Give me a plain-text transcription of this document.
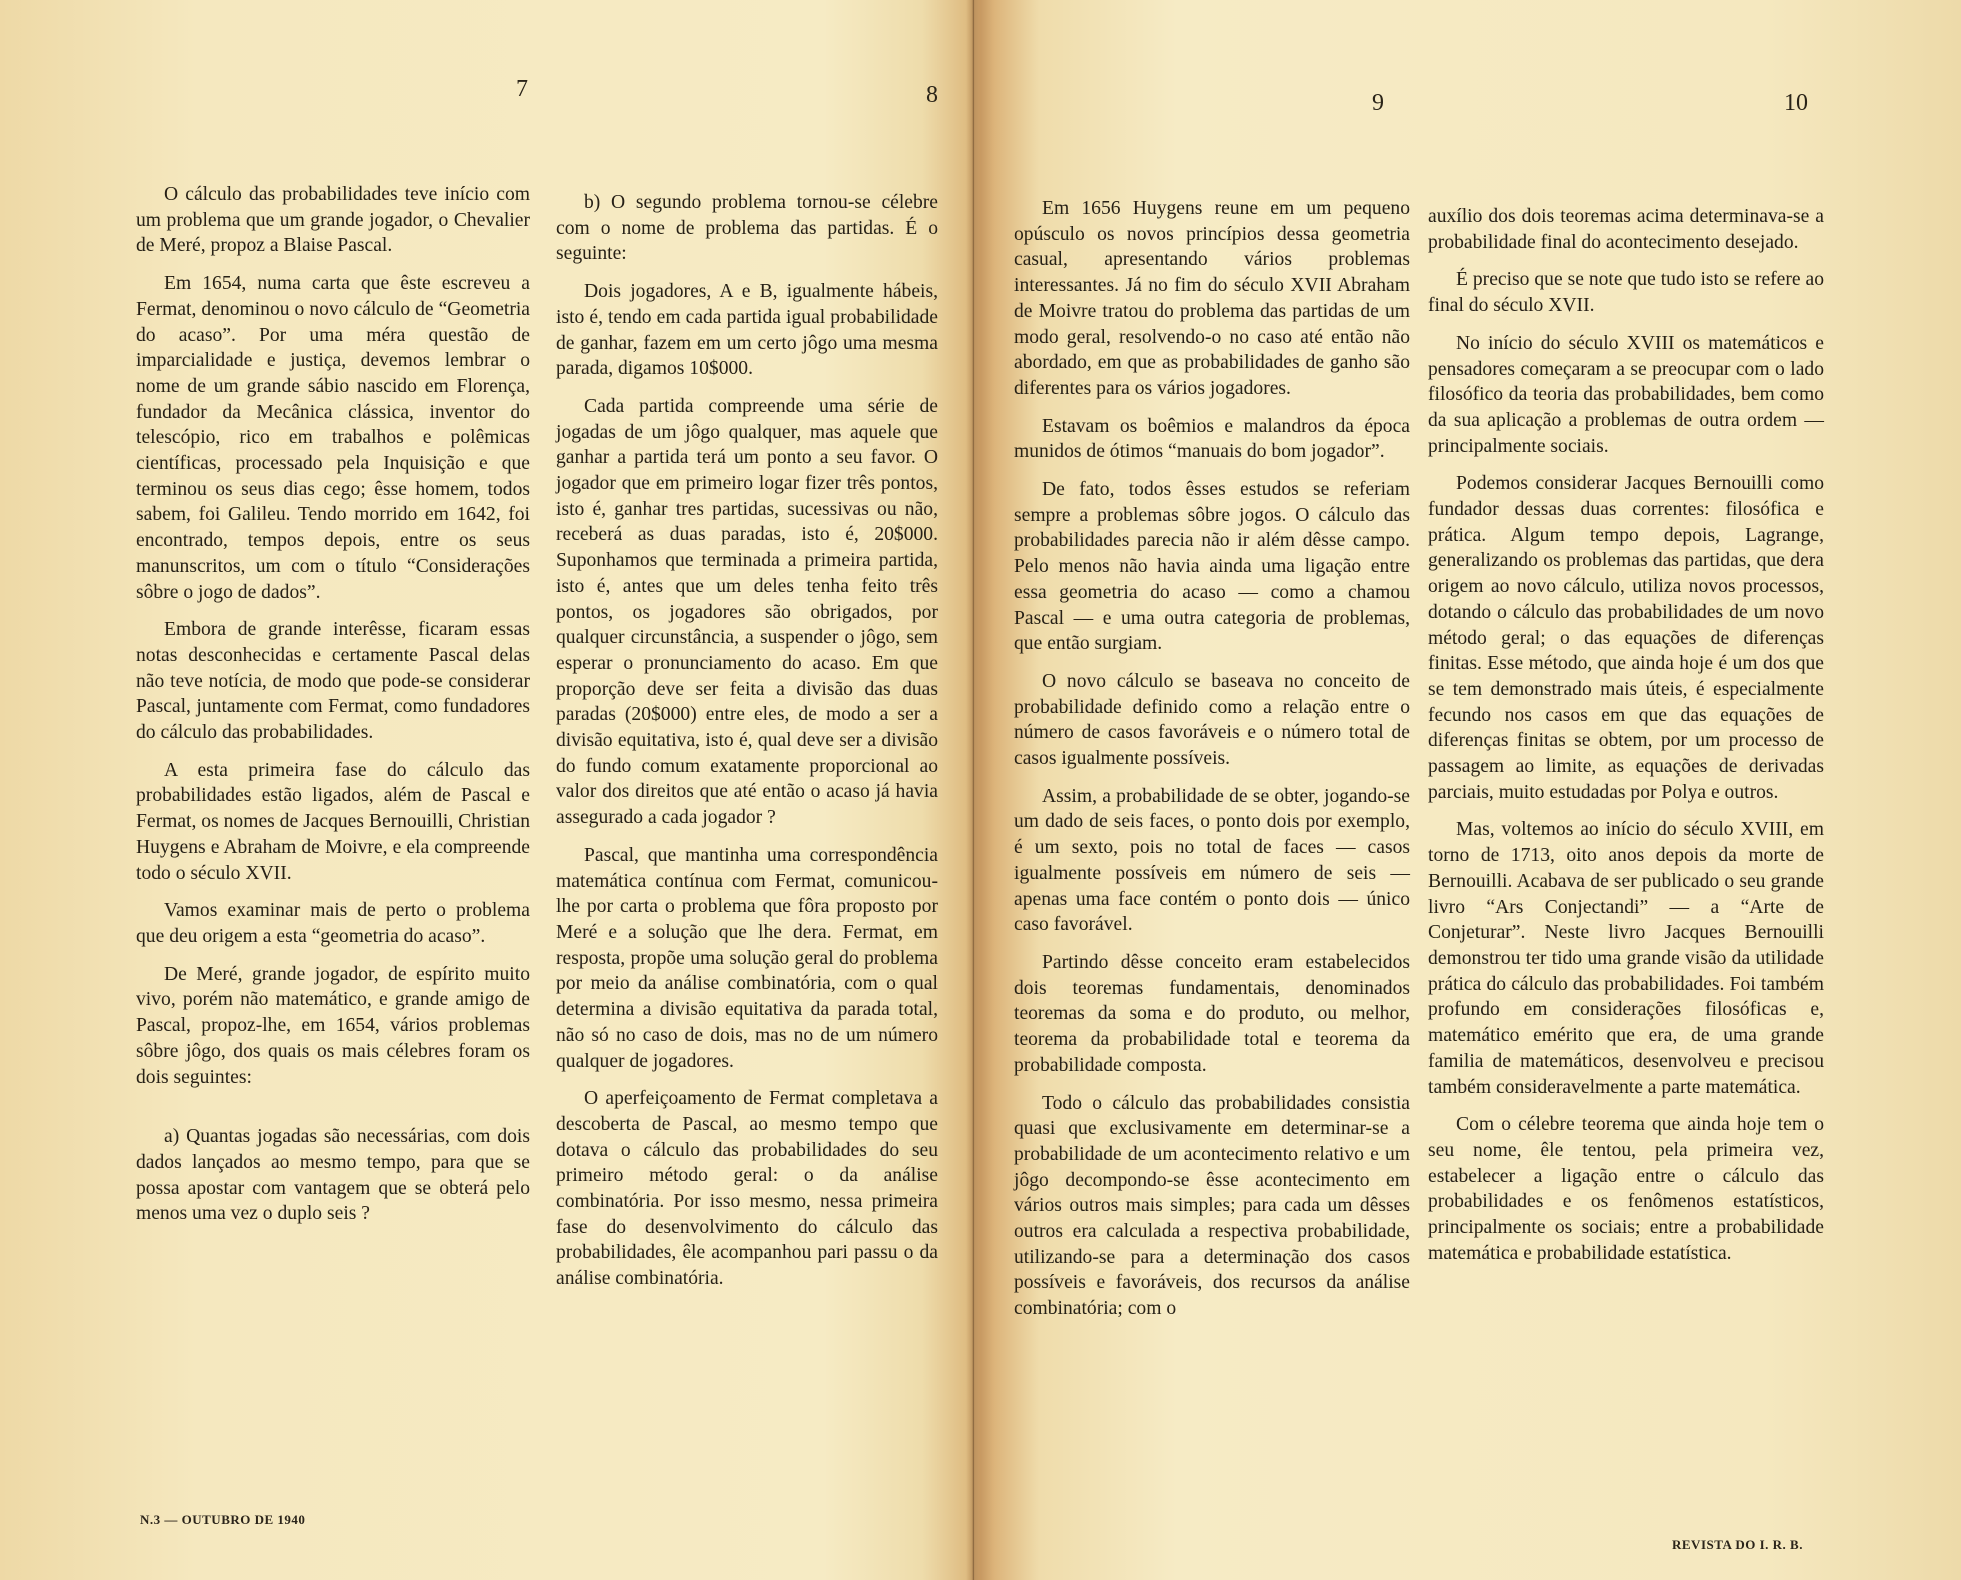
7	8	9	10

O cálculo das probabilidades teve início com um problema que um grande jogador, o Chevalier de Meré, propoz a Blaise Pascal.

Em 1654, numa carta que êste escreveu a Fermat, denominou o novo cálculo de “Geometria do acaso”. Por uma méra questão de imparcialidade e justiça, devemos lembrar o nome de um grande sábio nascido em Florença, fundador da Mecânica clássica, inventor do telescópio, rico em trabalhos e polêmicas científicas, processado pela Inquisição e que terminou os seus dias cego; êsse homem, todos sabem, foi Galileu. Tendo morrido em 1642, foi encontrado, tempos depois, entre os seus manunscritos, um com o título “Considerações sôbre o jogo de dados”.

Embora de grande interêsse, ficaram essas notas desconhecidas e certamente Pascal delas não teve notícia, de modo que pode-se considerar Pascal, juntamente com Fermat, como fundadores do cálculo das probabilidades.

A esta primeira fase do cálculo das probabilidades estão ligados, além de Pascal e Fermat, os nomes de Jacques Bernouilli, Christian Huygens e Abraham de Moivre, e ela compreende todo o século XVII.

Vamos examinar mais de perto o problema que deu origem a esta “geometria do acaso”.

De Meré, grande jogador, de espírito muito vivo, porém não matemático, e grande amigo de Pascal, propoz-lhe, em 1654, vários problemas sôbre jôgo, dos quais os mais célebres foram os dois seguintes:

a) Quantas jogadas são necessárias, com dois dados lançados ao mesmo tempo, para que se possa apostar com vantagem que se obterá pelo menos uma vez o duplo seis ?

b) O segundo problema tornou-se célebre com o nome de problema das partidas. É o seguinte:

Dois jogadores, A e B, igualmente hábeis, isto é, tendo em cada partida igual probabilidade de ganhar, fazem em um certo jôgo uma mesma parada, digamos 10$000.

Cada partida compreende uma série de jogadas de um jôgo qualquer, mas aquele que ganhar a partida terá um ponto a seu favor. O jogador que em primeiro logar fizer três pontos, isto é, ganhar tres partidas, sucessivas ou não, receberá as duas paradas, isto é, 20$000. Suponhamos que terminada a primeira partida, isto é, antes que um deles tenha feito três pontos, os jogadores são obrigados, por qualquer circunstância, a suspender o jôgo, sem esperar o pronunciamento do acaso. Em que proporção deve ser feita a divisão das duas paradas (20$000) entre eles, de modo a ser a divisão equitativa, isto é, qual deve ser a divisão do fundo comum exatamente proporcional ao valor dos direitos que até então o acaso já havia assegurado a cada jogador ?

Pascal, que mantinha uma correspondência matemática contínua com Fermat, comunicou-lhe por carta o problema que fôra proposto por Meré e a solução que lhe dera. Fermat, em resposta, propõe uma solução geral do problema por meio da análise combinatória, com o qual determina a divisão equitativa da parada total, não só no caso de dois, mas no de um número qualquer de jogadores.

O aperfeiçoamento de Fermat completava a descoberta de Pascal, ao mesmo tempo que dotava o cálculo das probabilidades do seu primeiro método geral: o da análise combinatória. Por isso mesmo, nessa primeira fase do desenvolvimento do cálculo das probabilidades, êle acompanhou pari passu o da análise combinatória.

Em 1656 Huygens reune em um pequeno opúsculo os novos princípios dessa geometria casual, apresentando vários problemas interessantes. Já no fim do século XVII Abraham de Moivre tratou do problema das partidas de um modo geral, resolvendo-o no caso até então não abordado, em que as probabilidades de ganho são diferentes para os vários jogadores.

Estavam os boêmios e malandros da época munidos de ótimos “manuais do bom jogador”.

De fato, todos êsses estudos se referiam sempre a problemas sôbre jogos. O cálculo das probabilidades parecia não ir além dêsse campo. Pelo menos não havia ainda uma ligação entre essa geometria do acaso — como a chamou Pascal — e uma outra categoria de problemas, que então surgiam.

O novo cálculo se baseava no conceito de probabilidade definido como a relação entre o número de casos favoráveis e o número total de casos igualmente possíveis.

Assim, a probabilidade de se obter, jogando-se um dado de seis faces, o ponto dois por exemplo, é um sexto, pois no total de faces — casos igualmente possíveis em número de seis — apenas uma face contém o ponto dois — único caso favorável.

Partindo dêsse conceito eram estabelecidos dois teoremas fundamentais, denominados teoremas da soma e do produto, ou melhor, teorema da probabilidade total e teorema da probabilidade composta.

Todo o cálculo das probabilidades consistia quasi que exclusivamente em determinar-se a probabilidade de um acontecimento relativo e um jôgo decompondo-se êsse acontecimento em vários outros mais simples; para cada um dêsses outros era calculada a respectiva probabilidade, utilizando-se para a determinação dos casos possíveis e favoráveis, dos recursos da análise combinatória; com o

auxílio dos dois teoremas acima determinava-se a probabilidade final do acontecimento desejado.

É preciso que se note que tudo isto se refere ao final do século XVII.

No início do século XVIII os matemáticos e pensadores começaram a se preocupar com o lado filosófico da teoria das probabilidades, bem como da sua aplicação a problemas de outra ordem — principalmente sociais.

Podemos considerar Jacques Bernouilli como fundador dessas duas correntes: filosófica e prática. Algum tempo depois, Lagrange, generalizando os problemas das partidas, que dera origem ao novo cálculo, utiliza novos processos, dotando o cálculo das probabilidades de um novo método geral; o das equações de diferenças finitas. Esse método, que ainda hoje é um dos que se tem demonstrado mais úteis, é especialmente fecundo nos casos em que das equações de diferenças finitas se obtem, por um processo de passagem ao limite, as equações de derivadas parciais, muito estudadas por Polya e outros.

Mas, voltemos ao início do século XVIII, em torno de 1713, oito anos depois da morte de Bernouilli. Acabava de ser publicado o seu grande livro “Ars Conjectandi” — a “Arte de Conjeturar”. Neste livro Jacques Bernouilli demonstrou ter tido uma grande visão da utilidade prática do cálculo das probabilidades. Foi também profundo em considerações filosóficas e, matemático emérito que era, de uma grande familia de matemáticos, desenvolveu e precisou também consideravelmente a parte matemática.

Com o célebre teorema que ainda hoje tem o seu nome, êle tentou, pela primeira vez, estabelecer a ligação entre o cálculo das probabilidades e os fenômenos estatísticos, principalmente os sociais; entre a probabilidade matemática e probabilidade estatística.

N.3 — OUTUBRO DE 1940
REVISTA DO I. R. B.
